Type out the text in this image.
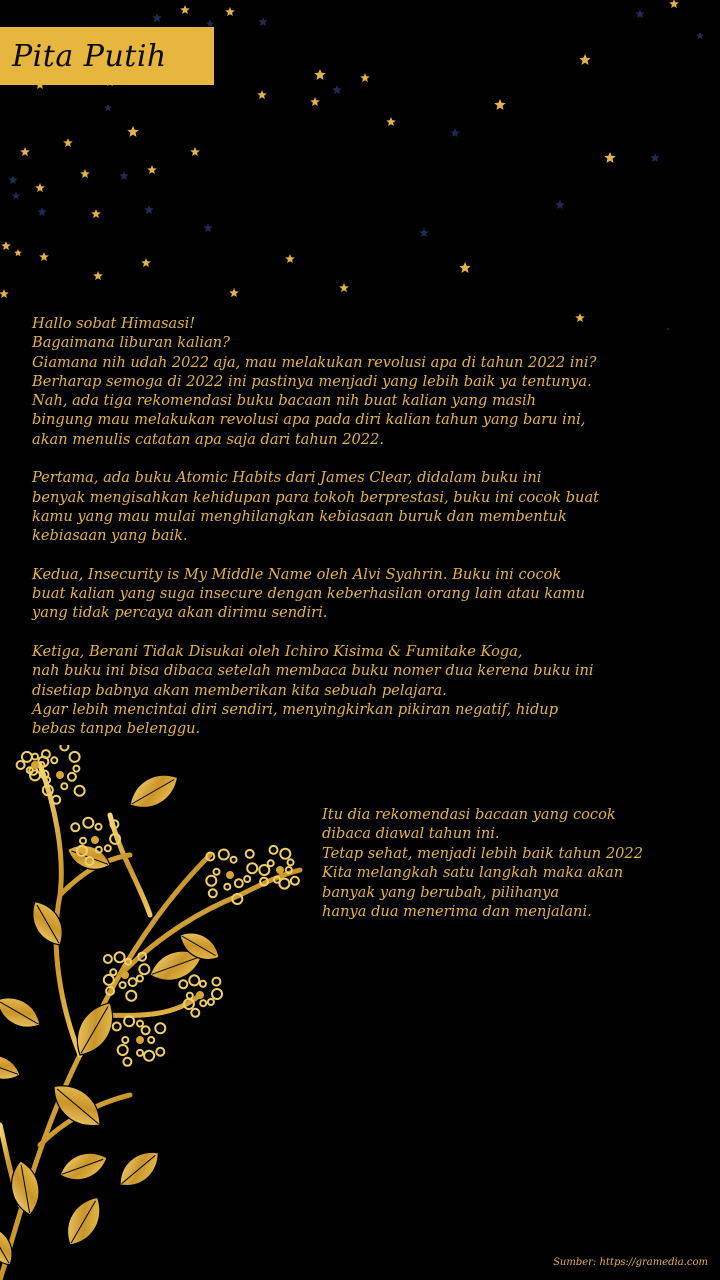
Pita Putih
Hallo sobat Himasasi!
Bagaimana liburan kalian?
Giamana nih udah 2022 aja, mau melakukan revolusi apa di tahun 2022 ini?
Berharap semoga di 2022 ini pastinya menjadi yang lebih baik ya tentunya.
Nah, ada tiga rekomendasi buku bacaan nih buat kalian yang masih
bingung mau melakukan revolusi apa pada diri kalian tahun yang baru ini,
akan menulis catatan apa saja dari tahun 2022.
Pertama, ada buku Atomic Habits dari James Clear, didalam buku ini
benyak mengisahkan kehidupan para tokoh berprestasi, buku ini cocok buat
kamu yang mau mulai menghilangkan kebiasaan buruk dan membentuk
kebiasaan yang baik.
Kedua, Insecurity is My Middle Name oleh Alvi Syahrin. Buku ini cocok
buat kalian yang suga insecure dengan keberhasilan orang lain atau kamu
yang tidak percaya akan dirimu sendiri.
Ketiga, Berani Tidak Disukai oleh Ichiro Kisima & Fumitake Koga,
nah buku ini bisa dibaca setelah membaca buku nomer dua kerena buku ini
disetiap babnya akan memberikan kita sebuah pelajara.
Agar lebih mencintai diri sendiri, menyingkirkan pikiran negatif, hidup
bebas tanpa belenggu.
Itu dia rekomendasi bacaan yang cocok
dibaca diawal tahun ini.
Tetap sehat, menjadi lebih baik tahun 2022
Kita melangkah satu langkah maka akan
banyak yang berubah, pilihanya
hanya dua menerima dan menjalani.
Sumber: https://gramedia.com
